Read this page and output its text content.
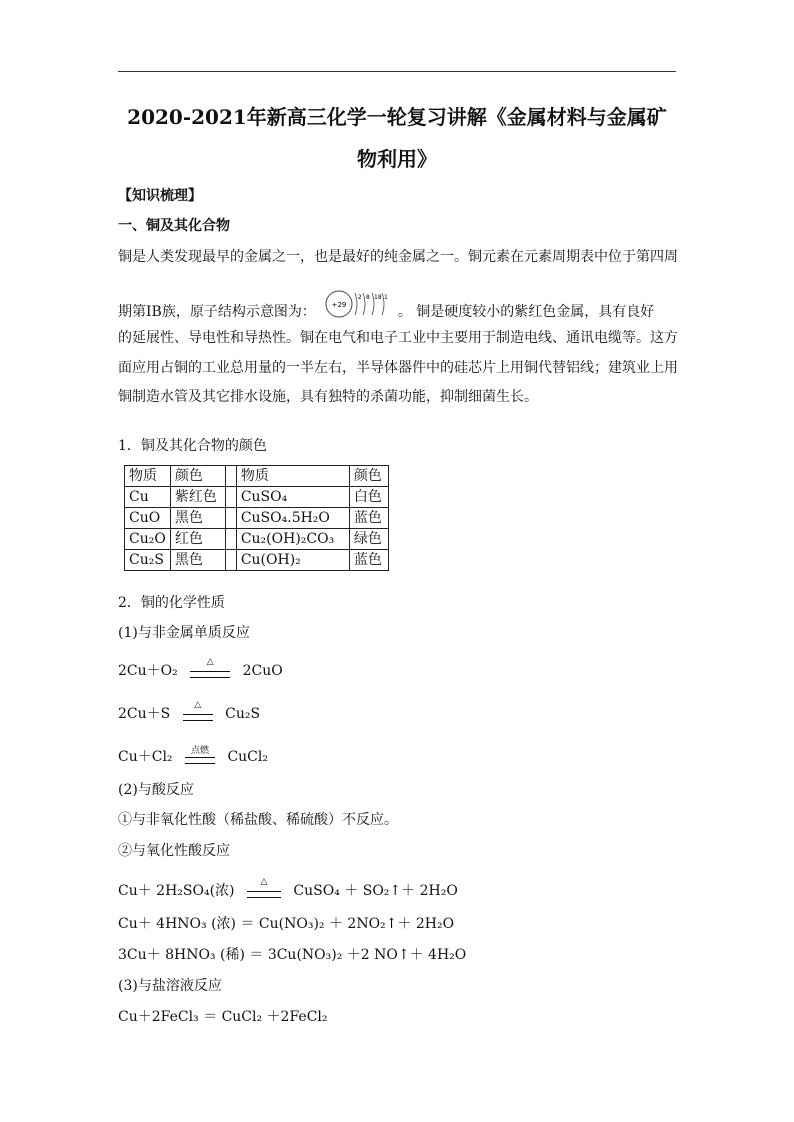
2020-2021年新高三化学一轮复习讲解《金属材料与金属矿
物利用》
【知识梳理】
一、铜及其化合物
铜是人类发现最早的金属之一，也是最好的纯金属之一。铜元素在元素周期表中位于第四周
期第ⅠB族，原子结构示意图为： +29
2 8 18 1
。 铜是硬度较小的紫红色金属，具有良好
的延展性、导电性和导热性。铜在电气和电子工业中主要用于制造电线、通讯电缆等。这方
面应用占铜的工业总用量的一半左右，半导体器件中的硅芯片上用铜代替铝线；建筑业上用
铜制造水管及其它排水设施，具有独特的杀菌功能，抑制细菌生长。
1．铜及其化合物的颜色
物质	颜色		物质	颜色
Cu	紫红色		CuSO₄	白色
CuO	黑色		CuSO₄.5H₂O	蓝色
Cu₂O	红色		Cu₂(OH)₂CO₃	绿色
Cu₂S	黑色		Cu(OH)₂	蓝色
2．铜的化学性质
(1)与非金属单质反应
2Cu＋O₂
△
2CuO
2Cu＋S
△
Cu₂S
Cu＋Cl₂	点燃	CuCl₂
(2)与酸反应
①与非氧化性酸（稀盐酸、稀硫酸）不反应。
②与氧化性酸反应
Cu＋ 2H₂SO₄(浓)
△
CuSO₄ ＋ SO₂↑＋ 2H₂O
Cu＋ 4HNO₃ (浓) ＝ Cu(NO₃)₂ ＋ 2NO₂↑＋ 2H₂O
3Cu＋ 8HNO₃ (稀) ＝ 3Cu(NO₃)₂ ＋2 NO↑＋ 4H₂O
(3)与盐溶液反应
Cu＋2FeCl₃ ＝ CuCl₂ ＋2FeCl₂
